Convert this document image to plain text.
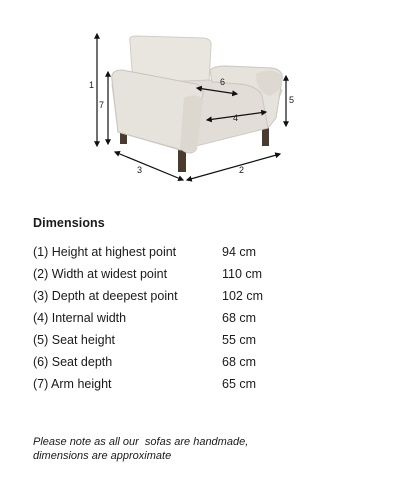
1
7
3	2
5
6
4
Dimensions
(1) Height at highest point	94 cm
(2) Width at widest point	110 cm
(3) Depth at deepest point	102 cm
(4) Internal width	68 cm
(5) Seat height	55 cm
(6) Seat depth	68 cm
(7) Arm height	65 cm
Please note as all our  sofas are handmade,
dimensions are approximate
